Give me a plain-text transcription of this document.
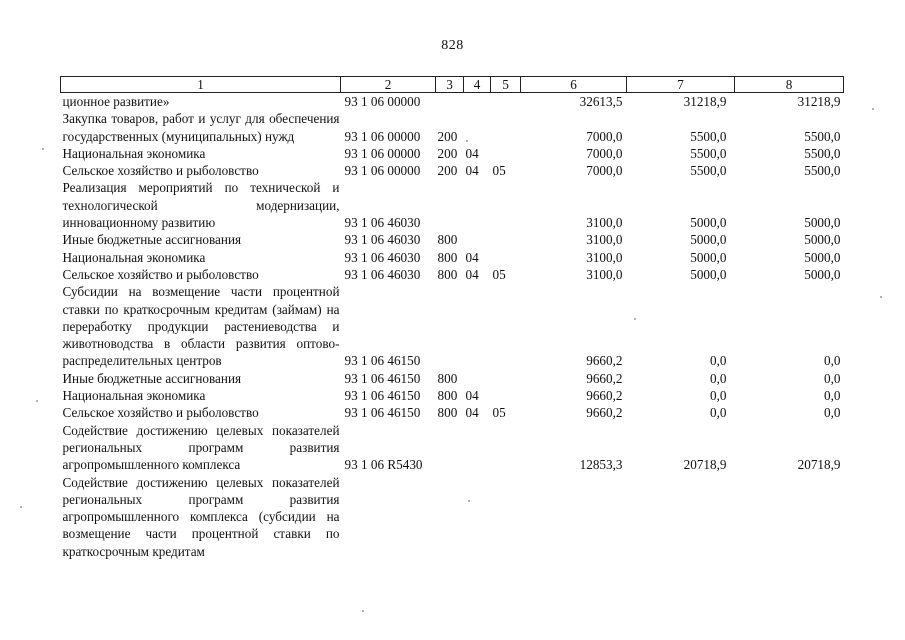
828
1	2	3	4	5	6	7	8
ционное развитие»	93 1 06 00000				32613,5	31218,9	31218,9
Закупка товаров, работ и услуг для обеспечения государственных (муниципальных) нужд	93 1 06 00000	200			7000,0	5500,0	5500,0
Национальная экономика	93 1 06 00000	200	04		7000,0	5500,0	5500,0
Сельское хозяйство и рыболовство	93 1 06 00000	200	04	05	7000,0	5500,0	5500,0
Реализация мероприятий по технической и технологической модернизации, инновационному развитию	93 1 06 46030				3100,0	5000,0	5000,0
Иные бюджетные ассигнования	93 1 06 46030	800			3100,0	5000,0	5000,0
Национальная экономика	93 1 06 46030	800	04		3100,0	5000,0	5000,0
Сельское хозяйство и рыболовство	93 1 06 46030	800	04	05	3100,0	5000,0	5000,0
Субсидии на возмещение части процентной ставки по краткосрочным кредитам (займам) на переработку продукции растениеводства и животноводства в области развития оптово-распределительных центров	93 1 06 46150				9660,2	0,0	0,0
Иные бюджетные ассигнования	93 1 06 46150	800			9660,2	0,0	0,0
Национальная экономика	93 1 06 46150	800	04		9660,2	0,0	0,0
Сельское хозяйство и рыболовство	93 1 06 46150	800	04	05	9660,2	0,0	0,0
Содействие достижению целевых показателей региональных программ развития агропромышленного комплекса	93 1 06 R5430				12853,3	20718,9	20718,9
Содействие достижению целевых показателей региональных программ развития агропромышленного комплекса (субсидии на возмещение части процентной ставки по краткосрочным кредитам							
